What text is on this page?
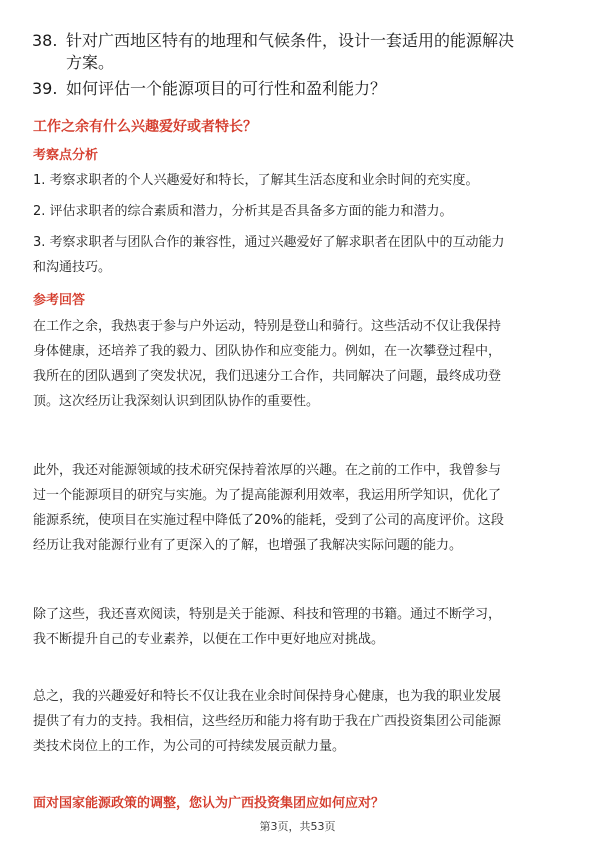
38. 针对广西地区特有的地理和气候条件，设计一套适用的能源解决
方案。
39. 如何评估一个能源项目的可行性和盈利能力？
工作之余有什么兴趣爱好或者特长？
考察点分析
1. 考察求职者的个人兴趣爱好和特长，了解其生活态度和业余时间的充实度。
2. 评估求职者的综合素质和潜力，分析其是否具备多方面的能力和潜力。
3. 考察求职者与团队合作的兼容性，通过兴趣爱好了解求职者在团队中的互动能力
和沟通技巧。
参考回答
在工作之余，我热衷于参与户外运动，特别是登山和骑行。这些活动不仅让我保持
身体健康，还培养了我的毅力、团队协作和应变能力。例如，在一次攀登过程中，
我所在的团队遇到了突发状况，我们迅速分工合作，共同解决了问题，最终成功登
顶。这次经历让我深刻认识到团队协作的重要性。
此外，我还对能源领域的技术研究保持着浓厚的兴趣。在之前的工作中，我曾参与
过一个能源项目的研究与实施。为了提高能源利用效率，我运用所学知识，优化了
能源系统，使项目在实施过程中降低了20%的能耗，受到了公司的高度评价。这段
经历让我对能源行业有了更深入的了解，也增强了我解决实际问题的能力。
除了这些，我还喜欢阅读，特别是关于能源、科技和管理的书籍。通过不断学习，
我不断提升自己的专业素养，以便在工作中更好地应对挑战。
总之，我的兴趣爱好和特长不仅让我在业余时间保持身心健康，也为我的职业发展
提供了有力的支持。我相信，这些经历和能力将有助于我在广西投资集团公司能源
类技术岗位上的工作，为公司的可持续发展贡献力量。
面对国家能源政策的调整，您认为广西投资集团应如何应对？
第3页，共53页
